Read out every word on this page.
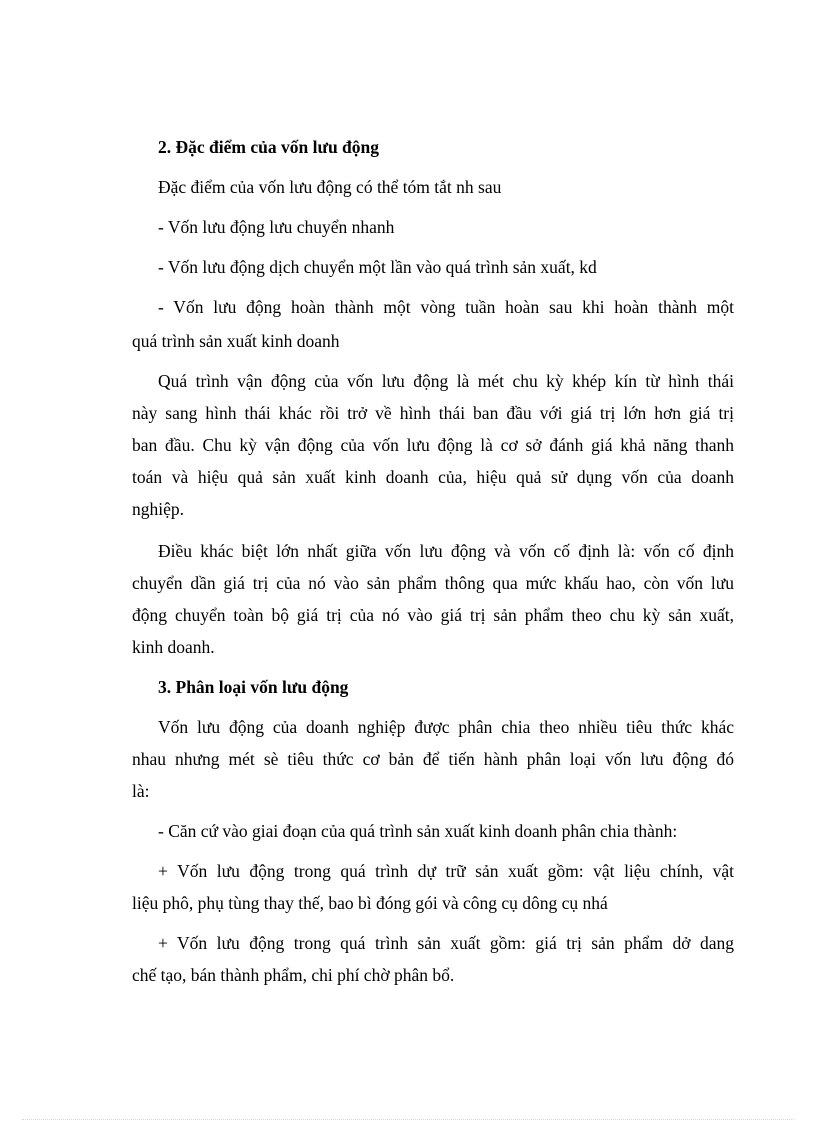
2. Đặc điểm của vốn lưu động

Đặc điểm của vốn lưu động có thể tóm tắt nh sau

- Vốn lưu động lưu chuyển nhanh

- Vốn lưu động dịch chuyển một lần vào quá trình sản xuất, kd

- Vốn lưu động hoàn thành một vòng tuần hoàn sau khi hoàn thành một

quá trình sản xuất kinh doanh

Quá trình vận động của vốn lưu động là mét chu kỳ khép kín từ hình thái

này sang hình thái khác rồi trở về hình thái ban đầu với giá trị lớn hơn giá trị

ban đầu. Chu kỳ vận động của vốn lưu động là cơ sở đánh giá khả năng thanh

toán và hiệu quả sản xuất kinh doanh của, hiệu quả sử dụng vốn của doanh

nghiệp.

Điều khác biệt lớn nhất giữa vốn lưu động và vốn cố định là: vốn cố định

chuyển dần giá trị của nó vào sản phẩm thông qua mức khấu hao, còn vốn lưu

động chuyển toàn bộ giá trị của nó vào giá trị sản phẩm theo chu kỳ sản xuất,

kinh doanh.

3. Phân loại vốn lưu động

Vốn lưu động của doanh nghiệp được phân chia theo nhiều tiêu thức khác

nhau nhưng mét sè tiêu thức cơ bản để tiến hành phân loại vốn lưu động đó

là:

- Căn cứ vào giai đoạn của quá trình sản xuất kinh doanh phân chia thành:

+ Vốn lưu động trong quá trình dự trữ sản xuất gồm: vật liệu chính, vật

liệu phô, phụ tùng thay thế, bao bì đóng gói và công cụ dông cụ nhá

+ Vốn lưu động trong quá trình sản xuất gồm: giá trị sản phẩm dở dang

chế tạo, bán thành phẩm, chi phí chờ phân bổ.
